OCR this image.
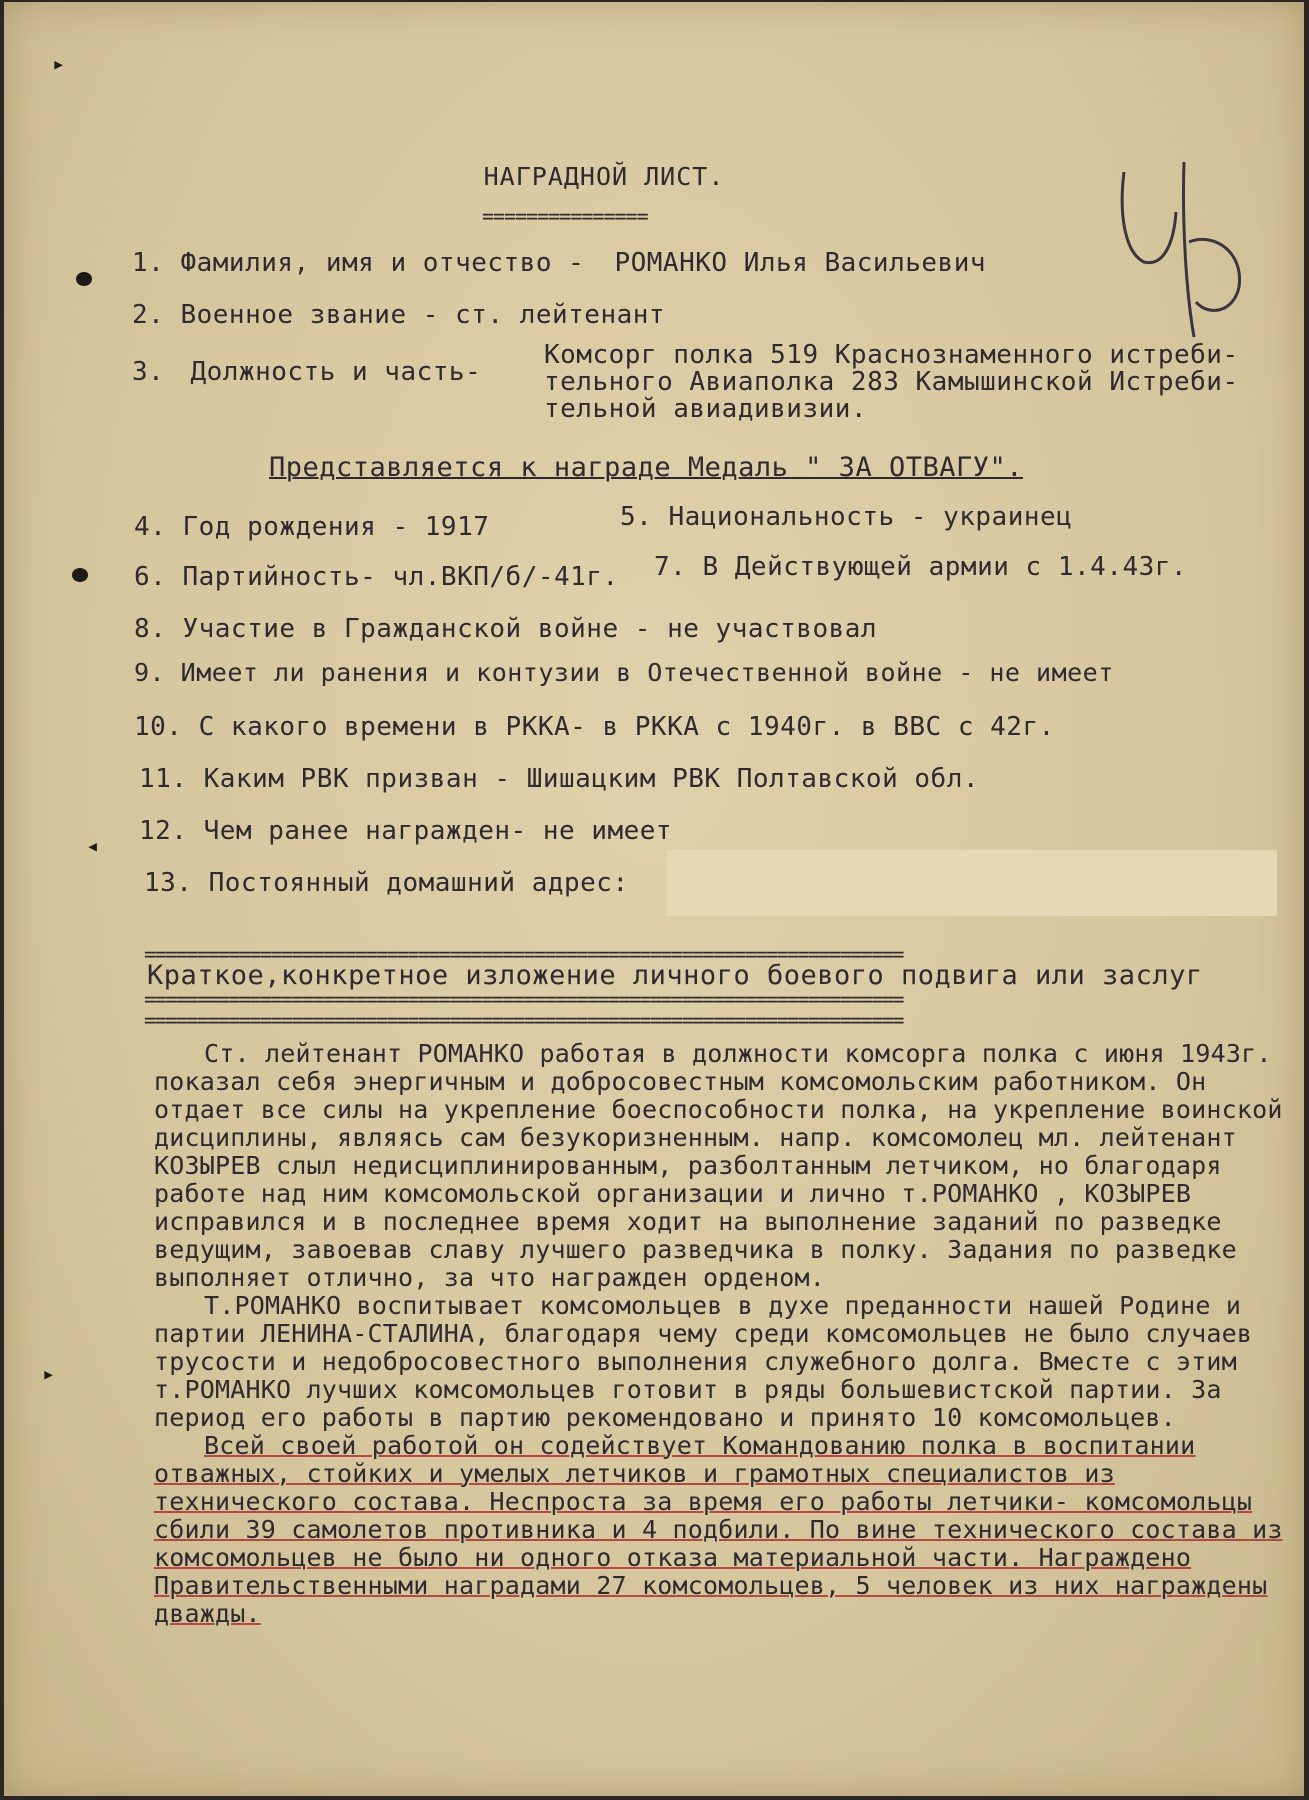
▸
◂
▸
НАГРАДНОЙ ЛИСТ.
===============
1. Фамилия, имя и отчество - РОМАНКО Илья Васильевич
2. Военное звание - ст. лейтенант
3. Должность и часть-
Комсорг полка 519 Краснознаменного истреби-
тельного Авиаполка 283 Камышинской Истреби-
тельной авиадивизии.
Представляется к награде Медаль " ЗА ОТВАГУ".
4. Год рождения - 1917	5. Национальность - украинец
6. Партийность- чл.ВКП/б/-41г. 7. В Действующей армии с 1.4.43г.
8. Участие в Гражданской войне - не участвовал
9. Имеет ли ранения и контузии в Отечественной войне - не имеет
10. С какого времени в РККА- в РККА с 1940г. в ВВС с 42г.
11. Каким РВК призван - Шишацким РВК Полтавской обл.
12. Чем ранее награжден- не имеет
13. Постоянный домашний адрес:
========================================================================
Краткое,конкретное изложение личного боевого подвига или заслуг
========================================================================
========================================================================

Ст. лейтенант РОМАНКО работая в должности комсорга полка с июня 1943г. показал себя энергичным и добросовестным комсомольским работником. Он отдает все силы на укрепление боеспособности полка, на укрепление воинской дисциплины, являясь сам безукоризненным. напр. комсомолец мл. лейтенант КОЗЫРЕВ слыл недисциплинированным, разболтанным летчиком, но благодаря работе над ним комсомольской организации и лично т.РОМАНКО , КОЗЫРЕВ исправился и в последнее время ходит на выполнение заданий по разведке ведущим, завоевав славу лучшего разведчика в полку. Задания по разведке выполняет отлично, за что награжден орденом.

Т.РОМАНКО воспитывает комсомольцев в духе преданности нашей Родине и партии ЛЕНИНА-СТАЛИНА, благодаря чему среди комсомольцев не было случаев трусости и недобросовестного выполнения служебного долга. Вместе с этим т.РОМАНКО лучших комсомольцев готовит в ряды большевистской партии. За период его работы в партию рекомендовано и принято 10 комсомольцев.

Всей своей работой он содействует Командованию полка в воспитании отважных, стойких и умелых летчиков и грамотных специалистов из технического состава. Неспроста за время его работы летчики- комсомольцы сбили 39 самолетов противника и 4 подбили. По вине технического состава из комсомольцев не было ни одного отказа материальной части. Награждено Правительственными наградами 27 комсомольцев, 5 человек из них награждены дважды.
